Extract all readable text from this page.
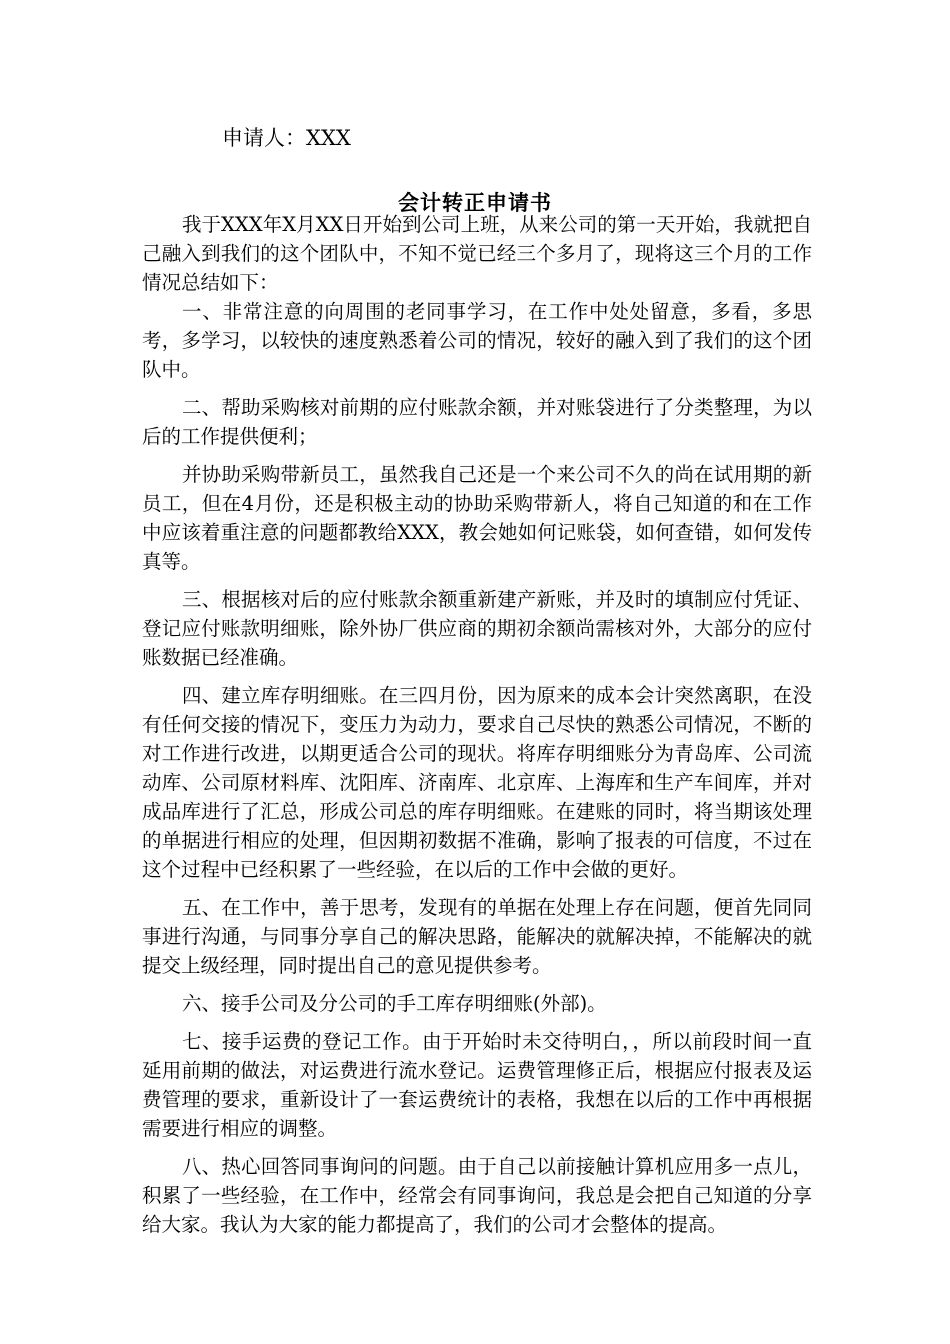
申请人：XXX
会计转正申请书

我于XXX年X月XX日开始到公司上班，从来公司的第一天开始，我就把自己融入到我们的这个团队中，不知不觉已经三个多月了，现将这三个月的工作情况总结如下：

一、非常注意的向周围的老同事学习，在工作中处处留意，多看，多思考，多学习，以较快的速度熟悉着公司的情况，较好的融入到了我们的这个团队中。

二、帮助采购核对前期的应付账款余额，并对账袋进行了分类整理，为以后的工作提供便利；

并协助采购带新员工，虽然我自己还是一个来公司不久的尚在试用期的新员工，但在4月份，还是积极主动的协助采购带新人，将自己知道的和在工作中应该着重注意的问题都教给XXX，教会她如何记账袋，如何查错，如何发传真等。

三、根据核对后的应付账款余额重新建产新账，并及时的填制应付凭证、登记应付账款明细账，除外协厂供应商的期初余额尚需核对外，大部分的应付账数据已经准确。

四、建立库存明细账。在三四月份，因为原来的成本会计突然离职，在没有任何交接的情况下，变压力为动力，要求自己尽快的熟悉公司情况，不断的对工作进行改进，以期更适合公司的现状。将库存明细账分为青岛库、公司流动库、公司原材料库、沈阳库、济南库、北京库、上海库和生产车间库，并对成品库进行了汇总，形成公司总的库存明细账。在建账的同时，将当期该处理的单据进行相应的处理，但因期初数据不准确，影响了报表的可信度，不过在这个过程中已经积累了一些经验，在以后的工作中会做的更好。

五、在工作中，善于思考，发现有的单据在处理上存在问题，便首先同同事进行沟通，与同事分享自己的解决思路，能解决的就解决掉，不能解决的就提交上级经理，同时提出自己的意见提供参考。

六、接手公司及分公司的手工库存明细账(外部)。

七、接手运费的登记工作。由于开始时未交待明白，，所以前段时间一直延用前期的做法，对运费进行流水登记。运费管理修正后，根据应付报表及运费管理的要求，重新设计了一套运费统计的表格，我想在以后的工作中再根据需要进行相应的调整。

八、热心回答同事询问的问题。由于自己以前接触计算机应用多一点儿，积累了一些经验，在工作中，经常会有同事询问，我总是会把自己知道的分享给大家。我认为大家的能力都提高了，我们的公司才会整体的提高。
